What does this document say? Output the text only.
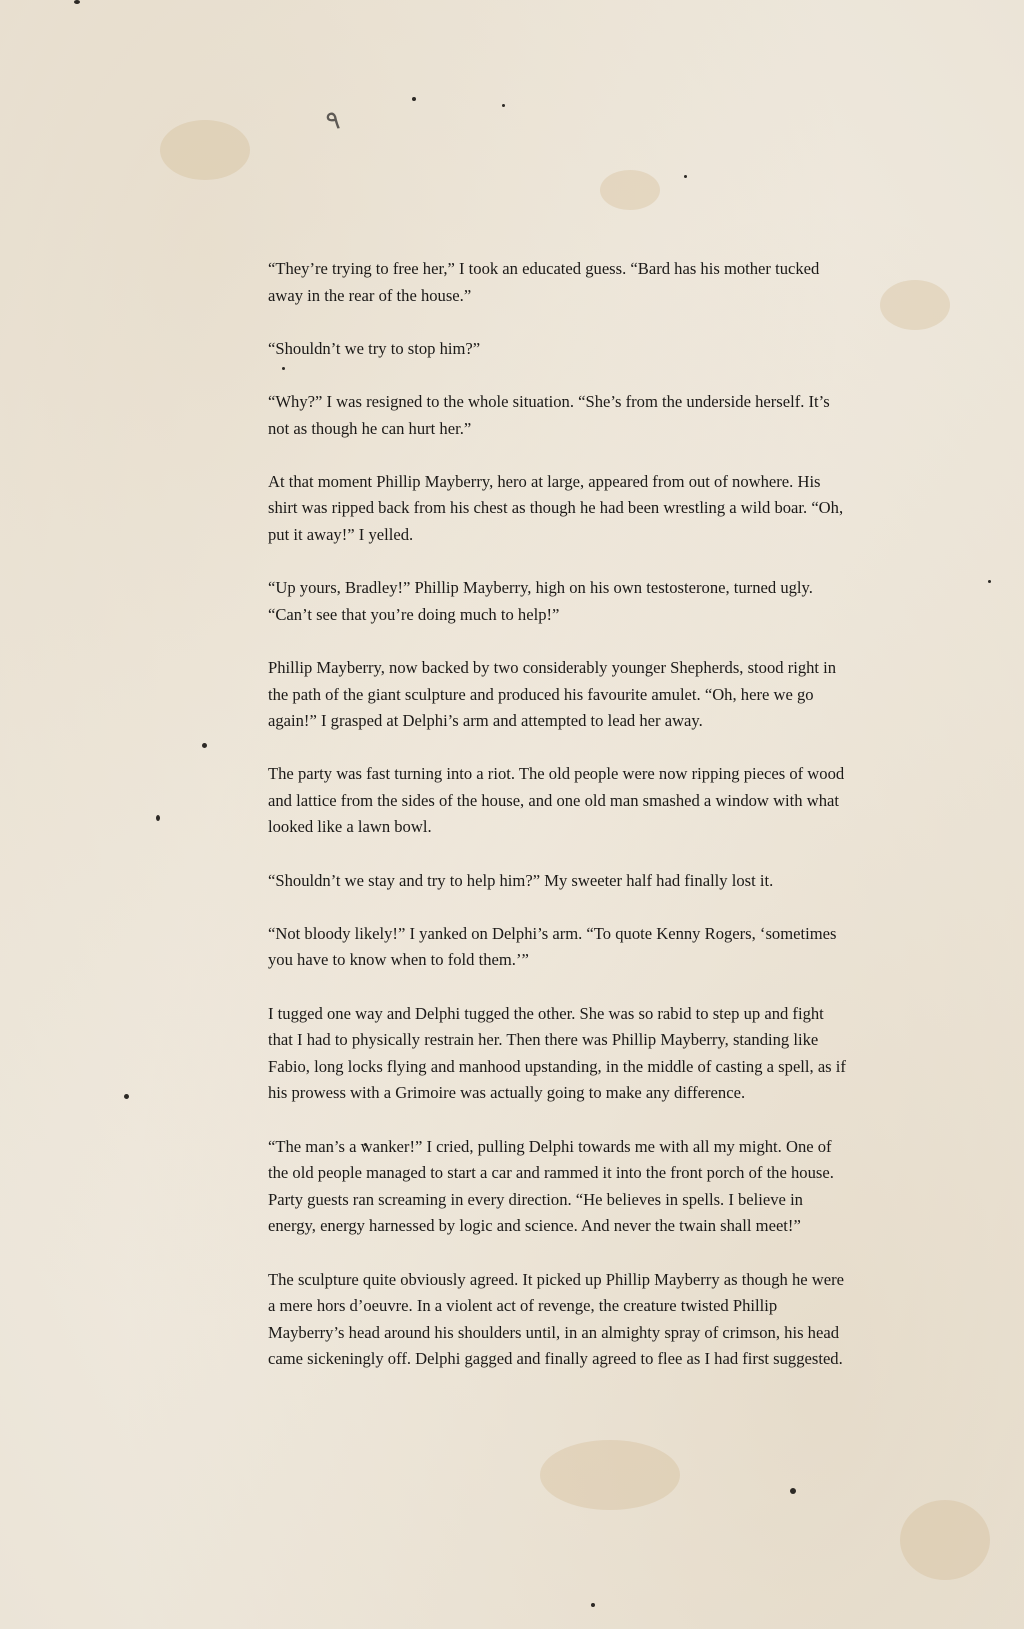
٩

“They’re trying to free her,” I took an educated guess. “Bard has his mother tucked away in the rear of the house.”

“Shouldn’t we try to stop him?”

“Why?” I was resigned to the whole situation. “She’s from the underside herself. It’s not as though he can hurt her.”

At that moment Phillip Mayberry, hero at large, appeared from out of nowhere. His shirt was ripped back from his chest as though he had been wrestling a wild boar. “Oh, put it away!” I yelled.

“Up yours, Bradley!” Phillip Mayberry, high on his own testosterone, turned ugly. “Can’t see that you’re doing much to help!”

Phillip Mayberry, now backed by two considerably younger Shepherds, stood right in the path of the giant sculpture and produced his favourite amulet. “Oh, here we go again!” I grasped at Delphi’s arm and attempted to lead her away.

The party was fast turning into a riot. The old people were now ripping pieces of wood and lattice from the sides of the house, and one old man smashed a window with what looked like a lawn bowl.

“Shouldn’t we stay and try to help him?” My sweeter half had finally lost it.

“Not bloody likely!” I yanked on Delphi’s arm. “To quote Kenny Rogers, ‘sometimes you have to know when to fold them.’”

I tugged one way and Delphi tugged the other. She was so rabid to step up and fight that I had to physically restrain her. Then there was Phillip Mayberry, standing like Fabio, long locks flying and manhood upstanding, in the middle of casting a spell, as if his prowess with a Grimoire was actually going to make any difference.

“The man’s a wanker!” I cried, pulling Delphi towards me with all my might. One of the old people managed to start a car and rammed it into the front porch of the house. Party guests ran screaming in every direction. “He believes in spells. I believe in energy, energy harnessed by logic and science. And never the twain shall meet!”

The sculpture quite obviously agreed. It picked up Phillip Mayberry as though he were a mere hors d’oeuvre. In a violent act of revenge, the creature twisted Phillip Mayberry’s head around his shoulders until, in an almighty spray of crimson, his head came sickeningly off. Delphi gagged and finally agreed to flee as I had first suggested.
